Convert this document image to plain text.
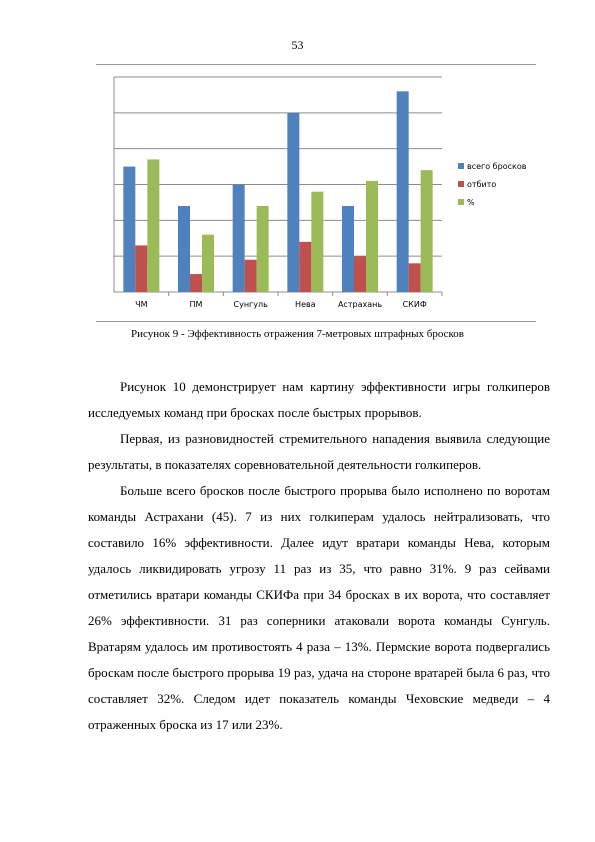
53
ЧМ	ПМ	Сунгуль	Нева	Астрахань	СКИФ
всего бросков
отбито
%
Рисунок 9 - Эффективность отражения 7-метровых штрафных бросков

Рисунок 10 демонстрирует нам картину эффективности игры голкиперов исследуемых команд при бросках после быстрых прорывов.

Первая, из разновидностей стремительного нападения выявила следующие результаты, в показателях соревновательной деятельности голкиперов.

Больше всего бросков после быстрого прорыва было исполнено по воротам команды Астрахани (45). 7 из них голкиперам удалось нейтрализовать, что составило 16% эффективности. Далее идут вратари команды Нева, которым удалось ликвидировать угрозу 11 раз из 35, что равно 31%. 9 раз сейвами отметились вратари команды СКИФа при 34 бросках в их ворота, что составляет 26% эффективности. 31 раз соперники атаковали ворота команды Сунгуль. Вратарям удалось им противостоять 4 раза – 13%. Пермские ворота подвергались броскам после быстрого прорыва 19 раз, удача на стороне вратарей была 6 раз, что составляет 32%. Следом идет показатель команды Чеховские медведи – 4 отраженных броска из 17 или 23%.
